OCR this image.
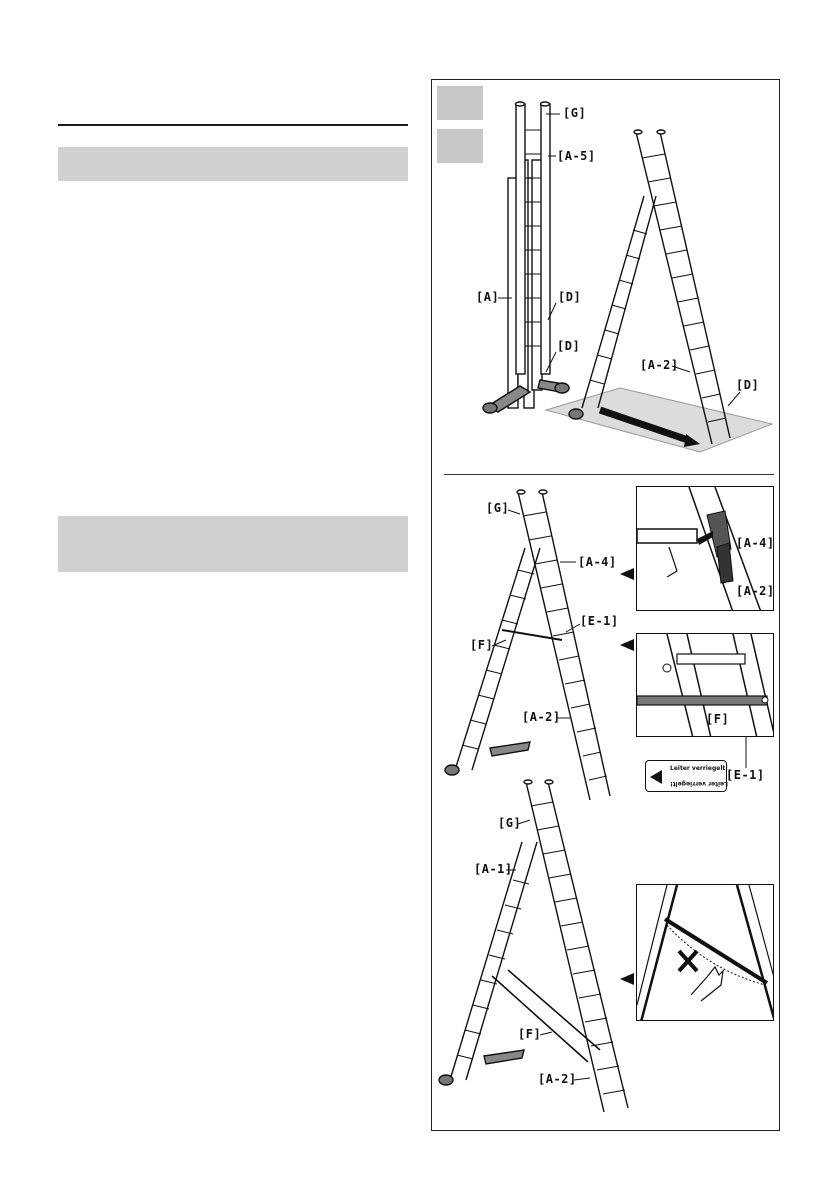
Leiter verriegelt!
Leiter verriegelt!
[G]
[A-5]
[A]	[D]
[D]
[A-2]
[D]
[G]
[A-4]
[E-1]
[F]
[A-2]
[A-4]
[A-2]
[F]
[E-1]
[G]
[A-1]
[F]
[A-2]
